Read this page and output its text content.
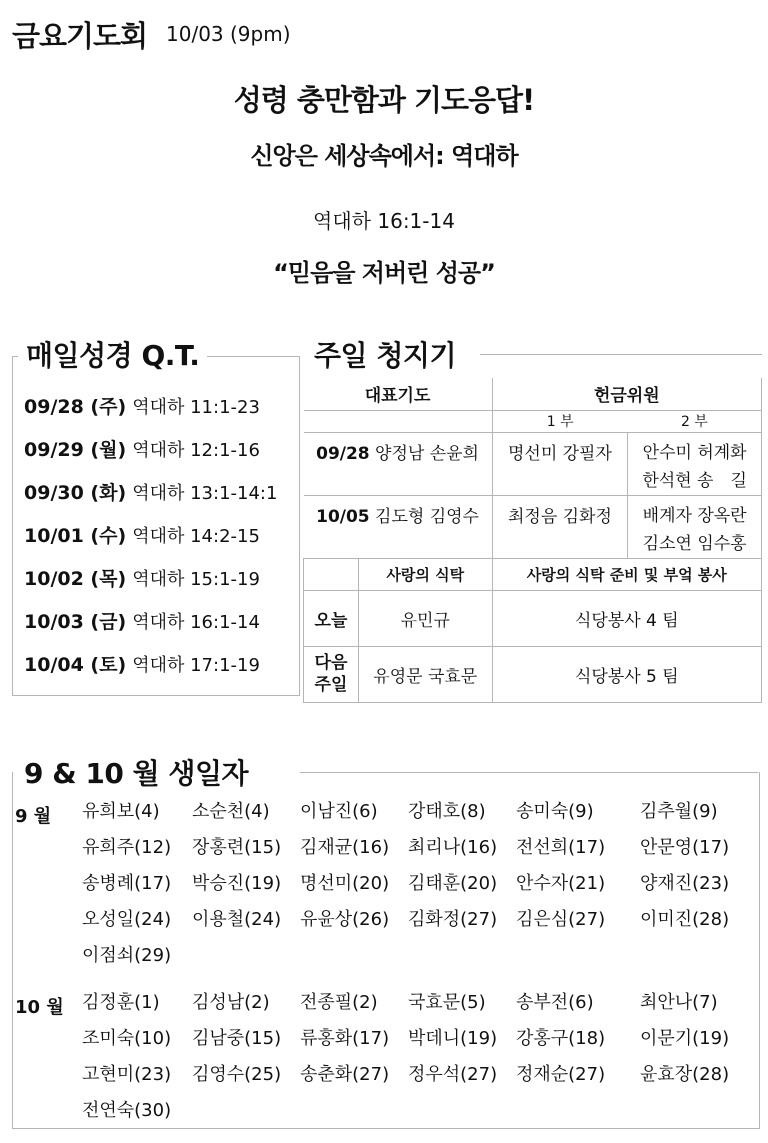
금요기도회 10/03 (9pm)
성령 충만함과 기도응답!
신앙은 세상속에서: 역대하
역대하 16:1-14
“믿음을 저버린 성공”
매일성경 Q.T.
09/28 (주) 역대하 11:1-23
09/29 (월) 역대하 12:1-16
09/30 (화) 역대하 13:1-14:1
10/01 (수) 역대하 14:2-15
10/02 (목) 역대하 15:1-19
10/03 (금) 역대하 16:1-14
10/04 (토) 역대하 17:1-19
주일 청지기
대표기도		헌금위원	
		1 부	2 부
09/28 양정남 손윤희		명선미 강필자	안수미 허계화
한석현 송　길

10/05 김도형 김영수		최정음 김화정	배계자 장옥란
김소연 임수홍

	사랑의 식탁	사랑의 식탁 준비 및 부엌 봉사	
오늘	유민규	식당봉사 4 팀	

다음
주일	유영문 국효문	식당봉사 5 팀	
9 & 10 월 생일자
9 월 유희보(4)	소순천(4)	이남진(6)	강태호(8)	송미숙(9)	김추월(9)
유희주(12)	장홍련(15)	김재균(16)	최리나(16)	전선희(17)	안문영(17)
송병례(17)	박승진(19)	명선미(20)	김태훈(20)	안수자(21)	양재진(23)
오성일(24)	이용철(24)	유윤상(26)	김화정(27)	김은심(27)	이미진(28)
이점쇠(29)
10 월 김정훈(1)	김성남(2)	전종필(2)	국효문(5)	송부전(6)	최안나(7)
조미숙(10)	김남중(15)	류홍화(17)	박데니(19)	강홍구(18)	이문기(19)
고현미(23)	김영수(25)	송춘화(27)	정우석(27)	정재순(27)	윤효장(28)
전연숙(30)
